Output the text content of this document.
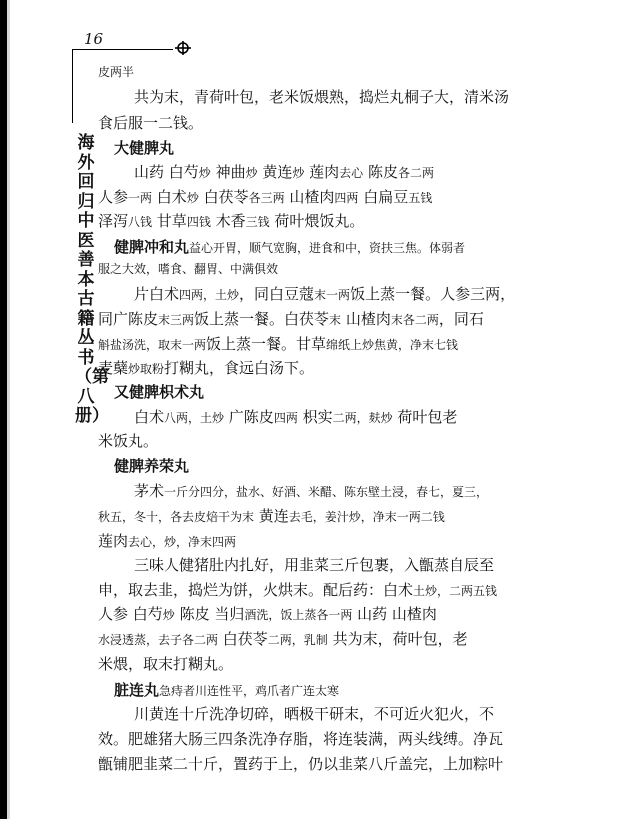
16
海
外
回
归
中
医
善
本
古
籍
丛
书
（第
八
册）
皮两半
共为末，青荷叶包，老米饭煨熟，捣烂丸桐子大，清米汤
食后服一二钱。
大健脾丸
山药 白芍炒 神曲炒 黄连炒 莲肉去心 陈皮各二两
人参一两 白术炒 白茯苓各三两 山楂肉四两 白扁豆五钱
泽泻八钱 甘草四钱 木香三钱 荷叶煨饭丸。
健脾冲和丸益心开胃，顺气宽胸，进食和中，资扶三焦。体弱者
服之大效，嗜食、翻胃、中满俱效
片白术四两，土炒，同白豆蔻末一两饭上蒸一餐。人参三两，
同广陈皮末三两饭上蒸一餐。白茯苓末 山楂肉末各二两，同石
斛盐汤洗，取末一两饭上蒸一餐。甘草绵纸上炒焦黄，净末七钱
麦蘖炒取粉打糊丸，食远白汤下。
又健脾枳术丸
白术八两，土炒 广陈皮四两 枳实二两，麸炒 荷叶包老
米饭丸。
健脾养荣丸
茅术一斤分四分，盐水、好酒、米醋、陈东壁土浸，春七，夏三，
秋五，冬十，各去皮焙干为末 黄连去毛，姜汁炒，净末一两二钱
莲肉去心，炒，净末四两
三味人健猪肚内扎好，用韭菜三斤包裹，入甑蒸自辰至
申，取去韭，捣烂为饼，火烘末。配后药：白术土炒，二两五钱
人参 白芍炒 陈皮 当归酒洗，饭上蒸各一两 山药 山楂肉
水浸透蒸，去子各二两 白茯苓二两，乳制 共为末，荷叶包，老
米煨，取末打糊丸。
脏连丸急痔者川连性平，鸡爪者广连太寒
川黄连十斤洗净切碎，晒极干研末，不可近火犯火，不
效。肥雄猪大肠三四条洗净存脂，将连装满，两头线缚。净瓦
甑铺肥韭菜二十斤，置药于上，仍以韭菜八斤盖完，上加粽叶
